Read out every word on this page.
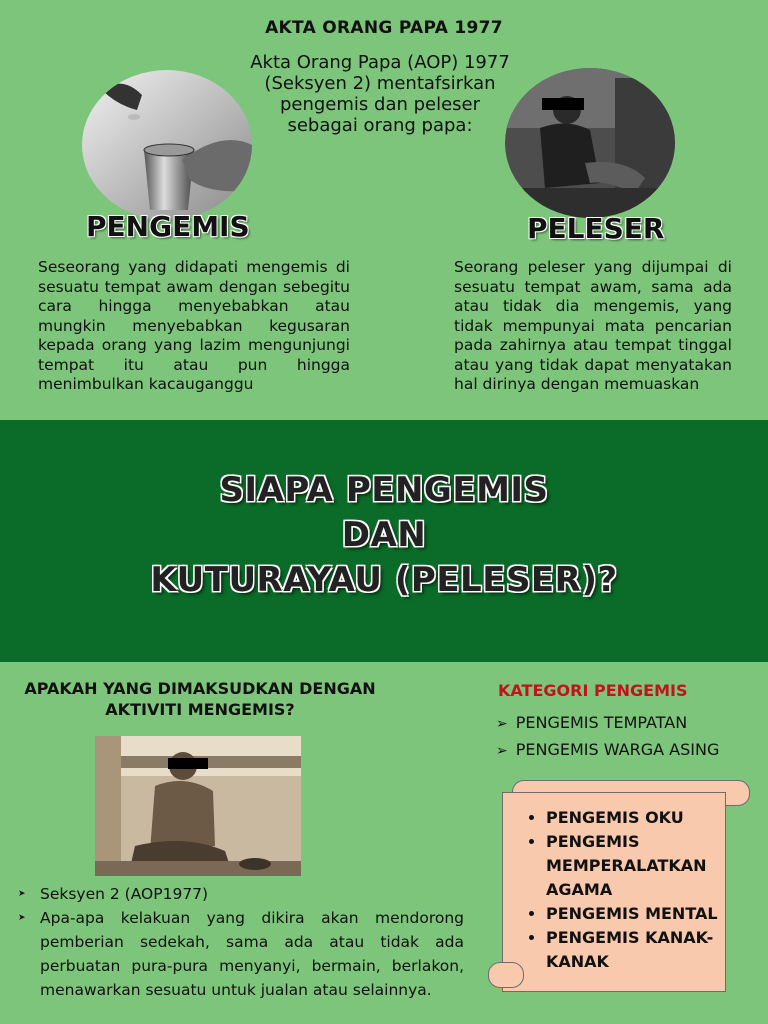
AKTA ORANG PAPA 1977
Akta Orang Papa (AOP) 1977 (Seksyen 2) mentafsirkan pengemis dan peleser sebagai orang papa:
PENGEMIS	PELESER
Seseorang yang didapati mengemis di sesuatu tempat awam dengan sebegitu cara hingga menyebabkan atau mungkin menyebabkan kegusaran kepada orang yang lazim mengunjungi tempat itu atau pun hingga menimbulkan kacauganggu
Seorang peleser yang dijumpai di sesuatu tempat awam, sama ada atau tidak dia mengemis, yang tidak mempunyai mata pencarian pada zahirnya atau tempat tinggal atau yang tidak dapat menyatakan hal dirinya dengan memuaskan
SIAPA PENGEMIS
DAN
KUTURAYAU (PELESER)?
APAKAH YANG DIMAKSUDKAN DENGAN AKTIVITI MENGEMIS?
➤ Seksyen 2 (AOP1977)
➤ Apa-apa kelakuan yang dikira akan mendorong pemberian sedekah, sama ada atau tidak ada perbuatan pura-pura menyanyi, bermain, berlakon, menawarkan sesuatu untuk jualan atau selainnya.
KATEGORI PENGEMIS
➢ PENGEMIS TEMPATAN
➢ PENGEMIS WARGA ASING
• PENGEMIS OKU
• PENGEMIS MEMPERALATKAN AGAMA
• PENGEMIS MENTAL
• PENGEMIS KANAK-KANAK
